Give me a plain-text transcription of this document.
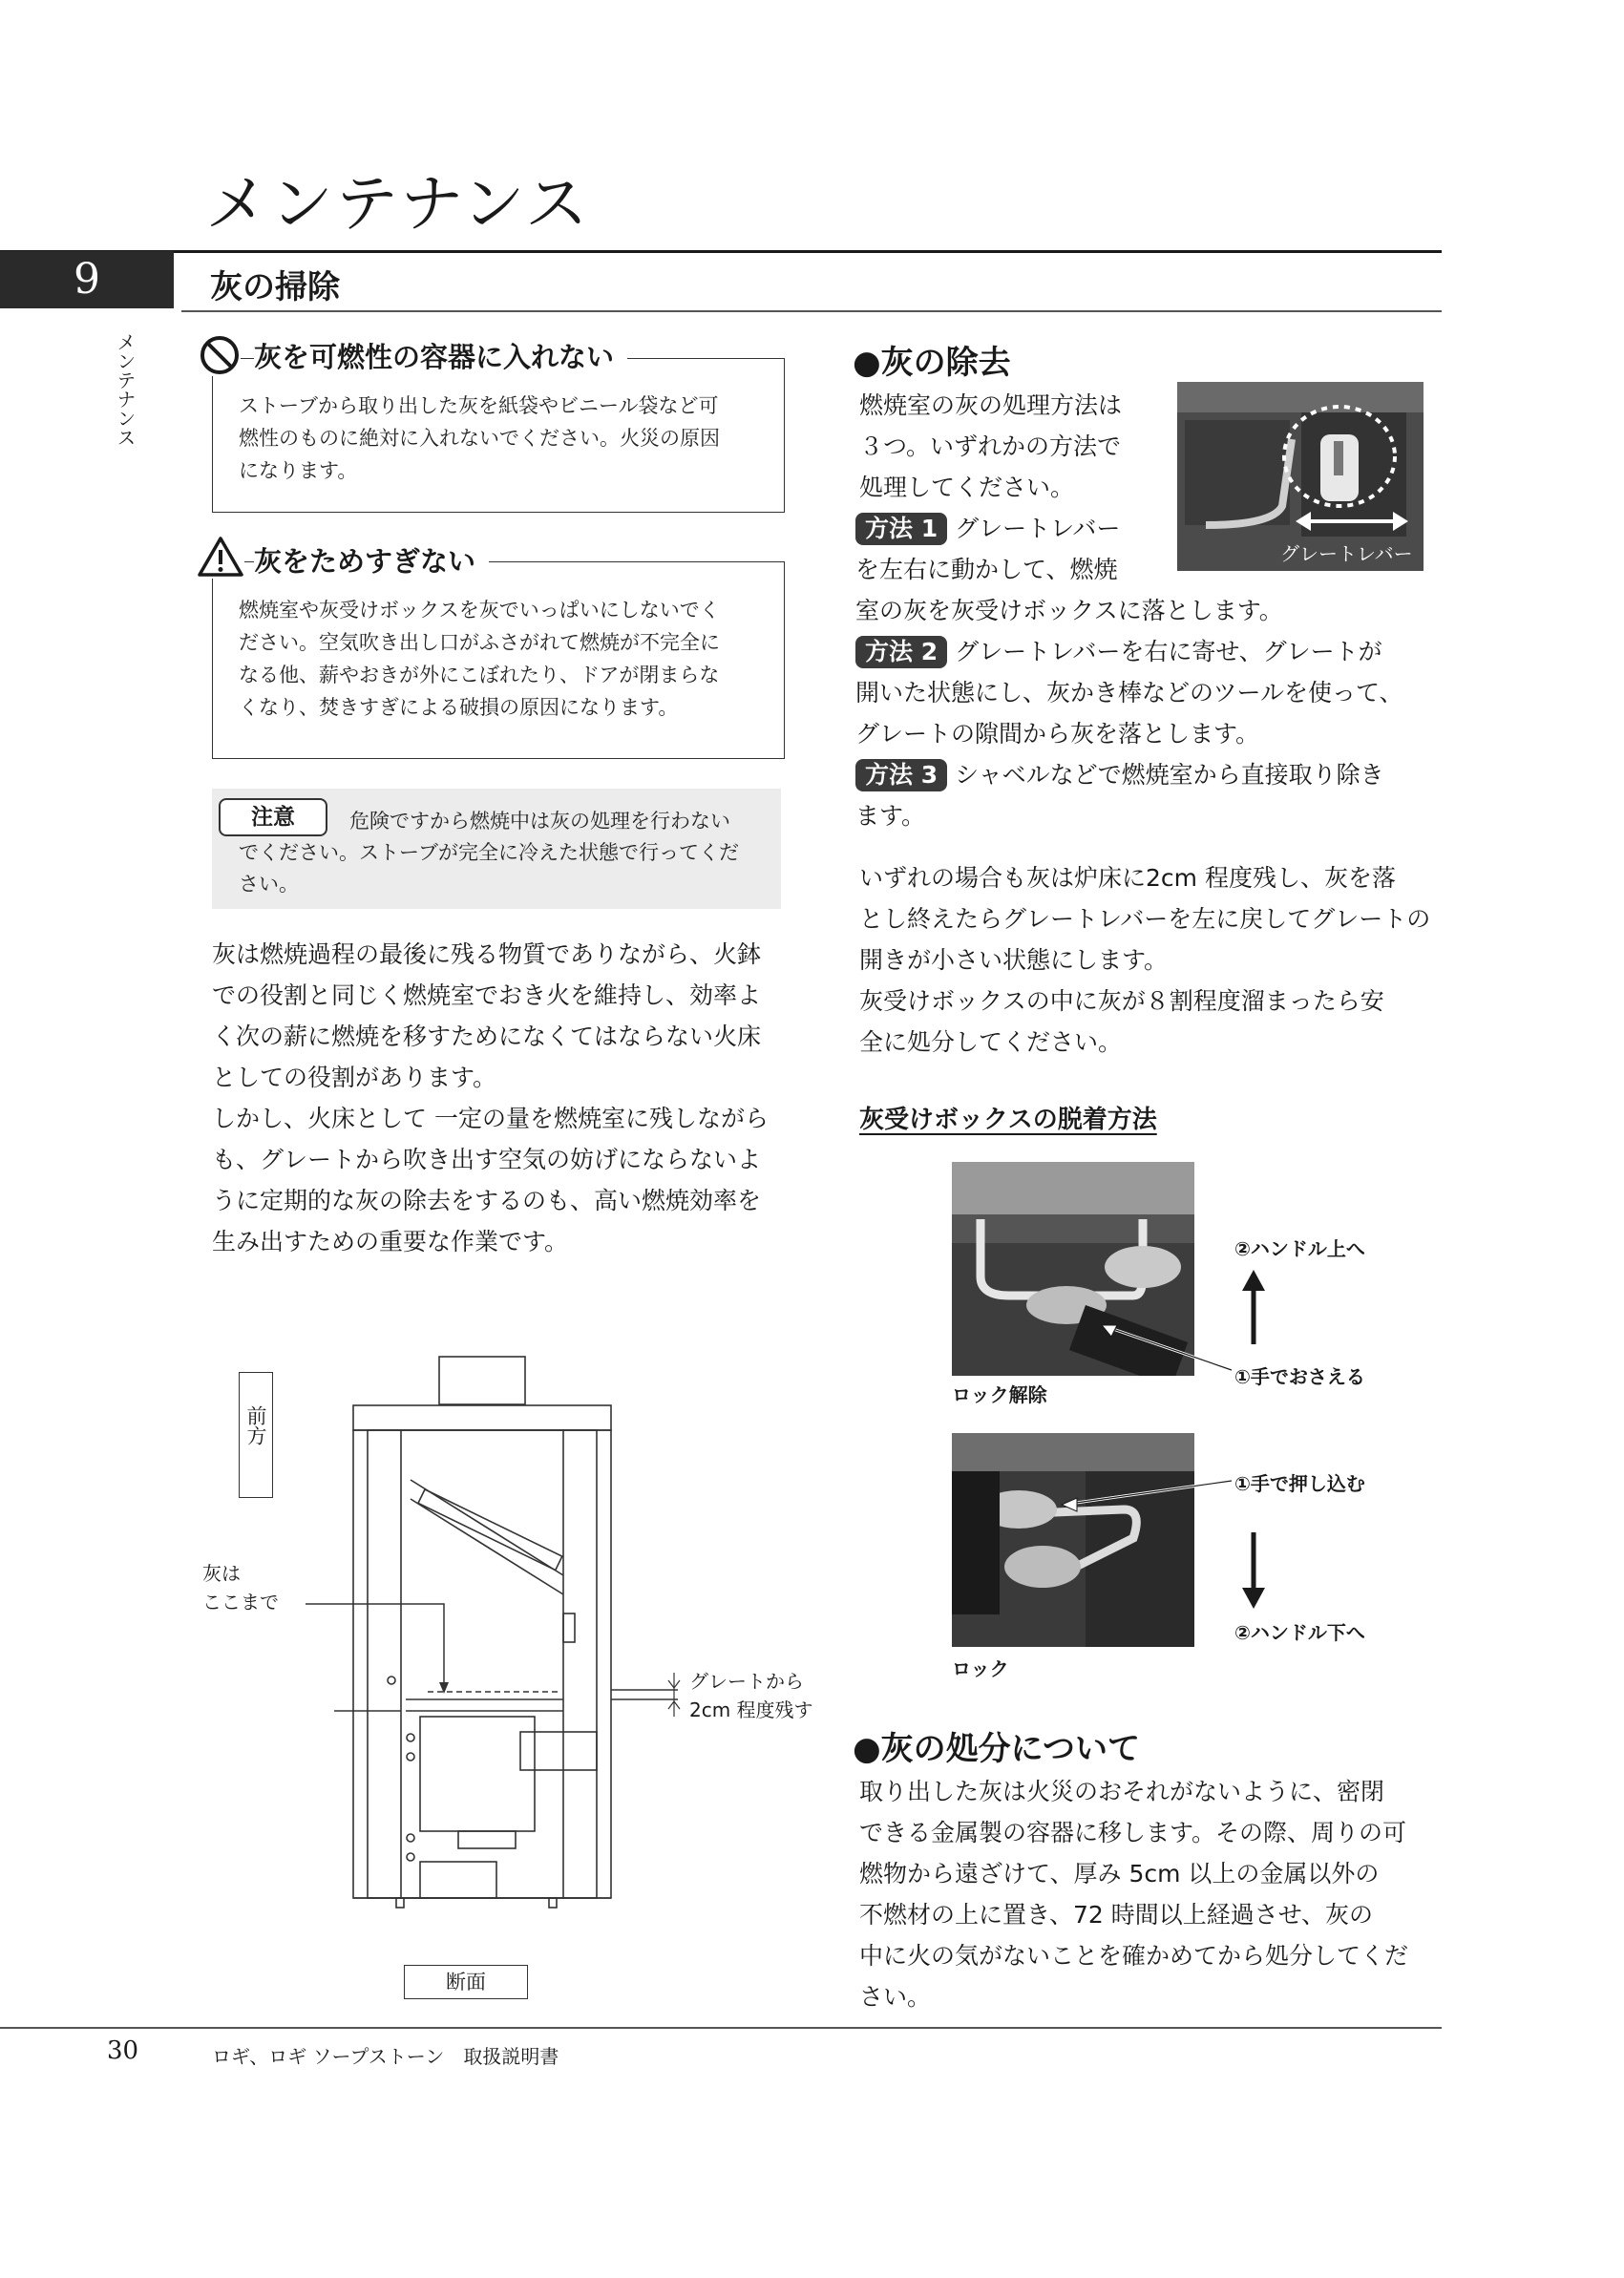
メンテナンス
9	灰の掃除
メンテナンス	灰を可燃性の容器に入れない
ストーブから取り出した灰を紙袋やビニール袋など可
燃性のものに絶対に入れないでください。火災の原因
になります。
灰をためすぎない
燃焼室や灰受けボックスを灰でいっぱいにしないでく
ださい。空気吹き出し口がふさがれて燃焼が不完全に
なる他、薪やおきが外にこぼれたり、ドアが閉まらな
くなり、焚きすぎによる破損の原因になります。
注意	危険ですから燃焼中は灰の処理を行わない
でください。ストーブが完全に冷えた状態で行ってくだ
さい。
灰は燃焼過程の最後に残る物質でありながら、火鉢
での役割と同じく燃焼室でおき火を維持し、効率よ
く次の薪に燃焼を移すためになくてはならない火床
としての役割があります。
しかし、火床として 一定の量を燃焼室に残しながら
も、グレートから吹き出す空気の妨げにならないよ
うに定期的な灰の除去をするのも、高い燃焼効率を
生み出すための重要な作業です。
前方
灰は
ここまで
グレートから
2cm 程度残す
断面
●灰の除去
燃焼室の灰の処理方法は
３つ。いずれかの方法で
処理してください。
グレートレバー
方法 1 グレートレバー
を左右に動かして、燃焼
室の灰を灰受けボックスに落とします。
方法 2 グレートレバーを右に寄せ、グレートが
開いた状態にし、灰かき棒などのツールを使って、
グレートの隙間から灰を落とします。
方法 3 シャベルなどで燃焼室から直接取り除き
ます。
いずれの場合も灰は炉床に2cm 程度残し、灰を落
とし終えたらグレートレバーを左に戻してグレートの
開きが小さい状態にします。
灰受けボックスの中に灰が８割程度溜まったら安
全に処分してください。
灰受けボックスの脱着方法
ロック解除
①手でおさえる
②ハンドル上へ
ロック
①手で押し込む
②ハンドル下へ
●灰の処分について
取り出した灰は火災のおそれがないように、密閉
できる金属製の容器に移します。その際、周りの可
燃物から遠ざけて、厚み 5cm 以上の金属以外の
不燃材の上に置き、72 時間以上経過させ、灰の
中に火の気がないことを確かめてから処分してくだ
さい。
30	ロギ、ロギ ソープストーン　取扱説明書
